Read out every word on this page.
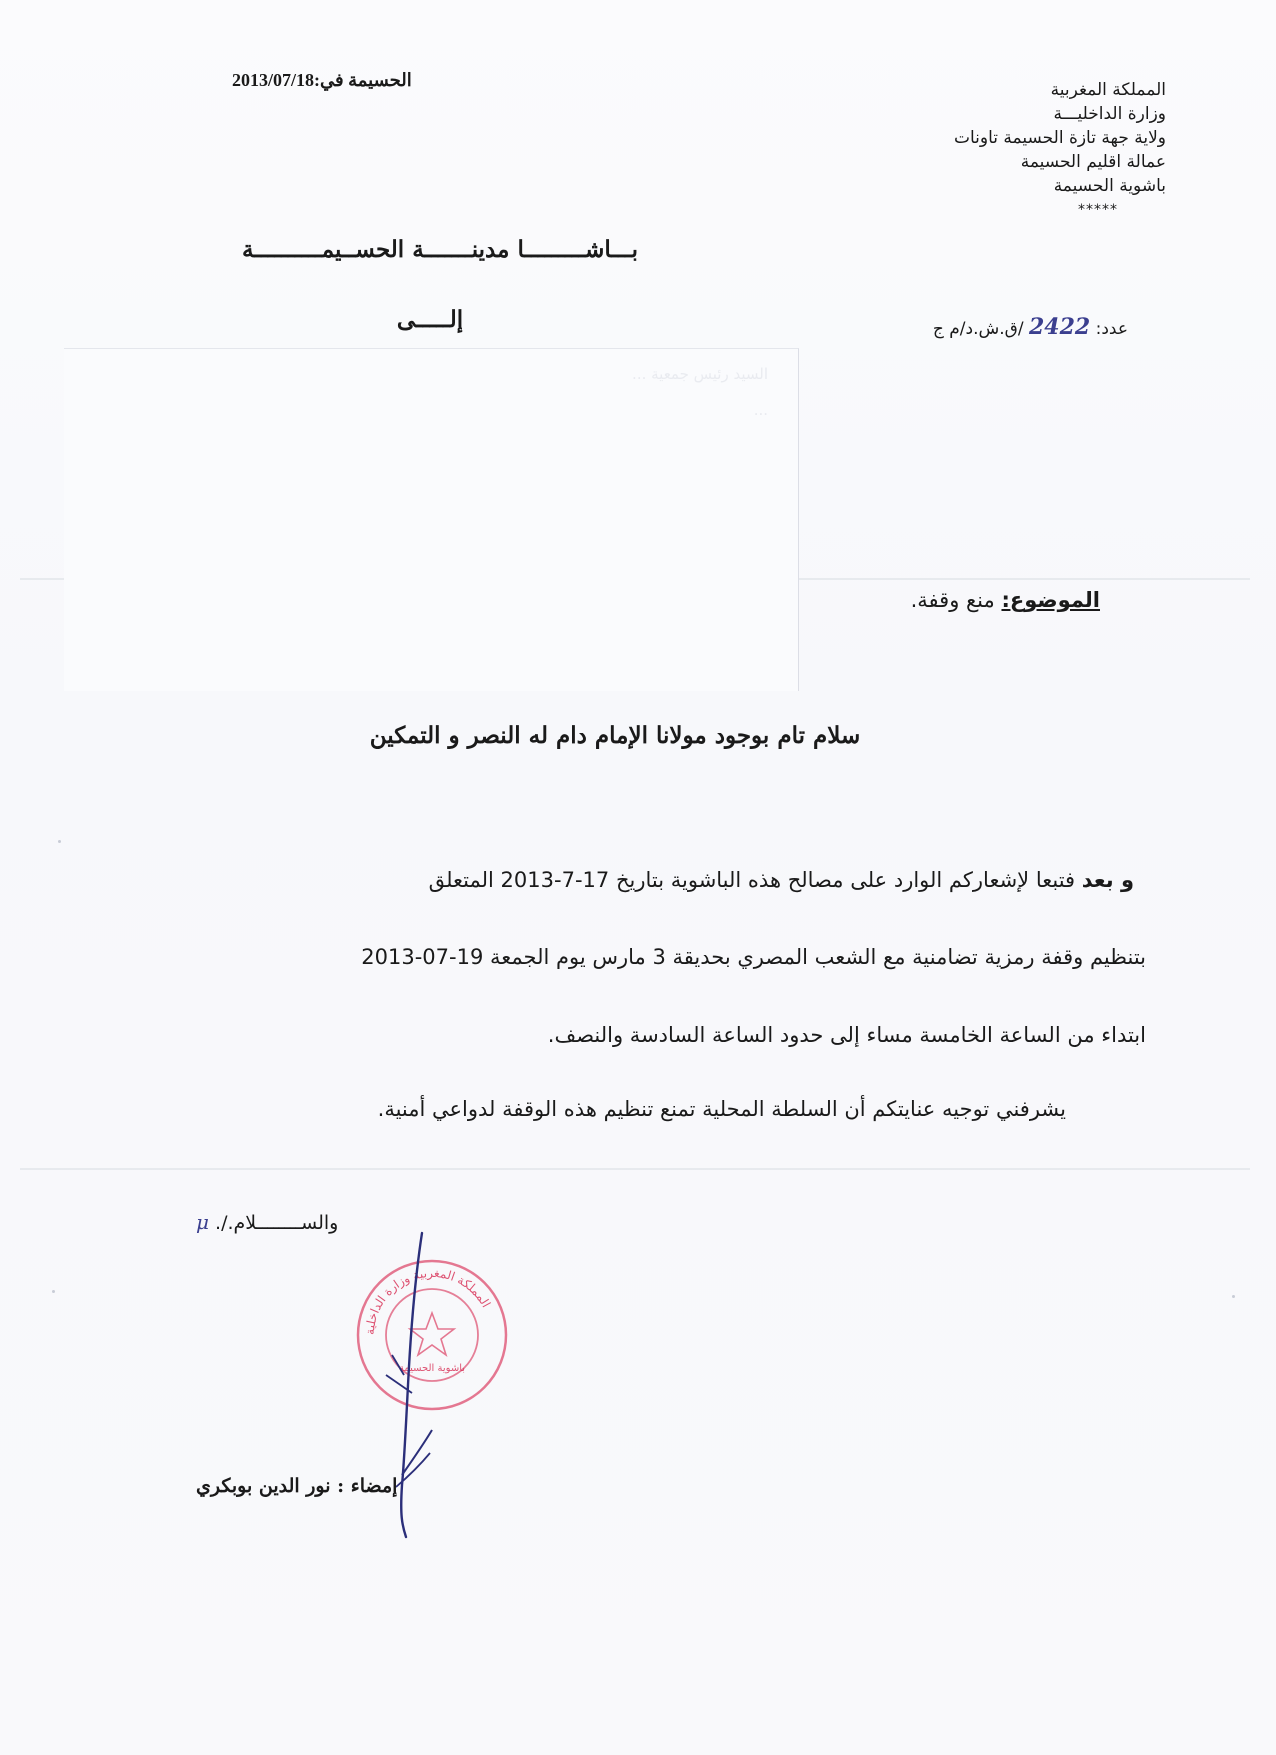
المملكة المغربية
وزارة الداخليـــة
ولاية جهة تازة الحسيمة تاونات
عمالة اقليم الحسيمة
باشوية الحسيمة
*****
الحسيمة في:2013/07/18
بـــاشـــــــــا مدينـــــــة الحســيمــــــــــة
إلـــــى	عدد: 2422 /ق.ش.د/م ج
السيد رئيس جمعية ...
...
الموضوع: منع وقفة.
سلام تام بوجود مولانا الإمام دام له النصر و التمكين
و بعد فتبعا لإشعاركم الوارد على مصالح هذه الباشوية بتاريخ 17-7-2013 المتعلق
بتنظيم وقفة رمزية تضامنية مع الشعب المصري بحديقة 3 مارس يوم الجمعة 19-07-2013
ابتداء من الساعة الخامسة مساء إلى حدود الساعة السادسة والنصف.
يشرفني توجيه عنايتكم أن السلطة المحلية تمنع تنظيم هذه الوقفة لدواعي أمنية.
والســــــــلام./. μ
المملكة المغربية وزارة الداخلية
باشوية الحسيمة
إمضاء : نور الدين بوبكري
